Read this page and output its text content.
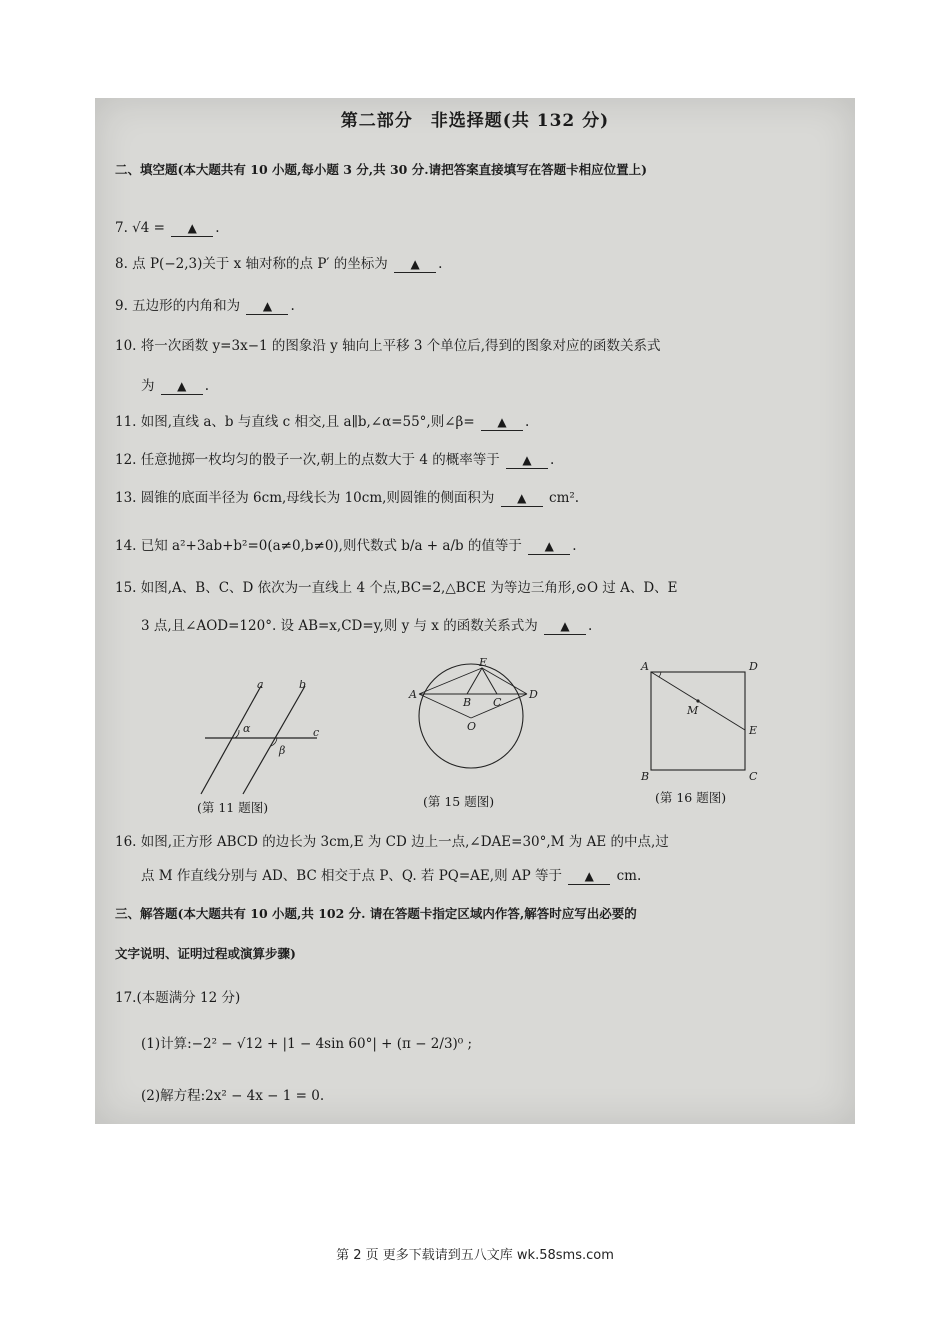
第二部分　非选择题(共 132 分)
二、填空题(本大题共有 10 小题,每小题 3 分,共 30 分.请把答案直接填写在答题卡相应位置上)
7. √4 = ▲ .
8. 点 P(−2,3)关于 x 轴对称的点 P′ 的坐标为 ▲ .
9. 五边形的内角和为 ▲ .
10. 将一次函数 y=3x−1 的图象沿 y 轴向上平移 3 个单位后,得到的图象对应的函数关系式
为 ▲ .
11. 如图,直线 a、b 与直线 c 相交,且 a∥b,∠α=55°,则∠β= ▲ .
12. 任意抛掷一枚均匀的骰子一次,朝上的点数大于 4 的概率等于 ▲ .
13. 圆锥的底面半径为 6cm,母线长为 10cm,则圆锥的侧面积为 ▲ cm².
14. 已知 a²+3ab+b²=0(a≠0,b≠0),则代数式 b/a + a/b 的值等于 ▲ .
15. 如图,A、B、C、D 依次为一直线上 4 个点,BC=2,△BCE 为等边三角形,⊙O 过 A、D、E
3 点,且∠AOD=120°. 设 AB=x,CD=y,则 y 与 x 的函数关系式为 ▲ .
a	b
c
α
β
(第 11 题图)
A
B C
D
E
O
(第 15 题图)
A	D
B	C
E
M
(第 16 题图)
16. 如图,正方形 ABCD 的边长为 3cm,E 为 CD 边上一点,∠DAE=30°,M 为 AE 的中点,过
点 M 作直线分别与 AD、BC 相交于点 P、Q. 若 PQ=AE,则 AP 等于 ▲ cm.
三、解答题(本大题共有 10 小题,共 102 分. 请在答题卡指定区域内作答,解答时应写出必要的
文字说明、证明过程或演算步骤)
17.(本题满分 12 分)
(1)计算:−2² − √12 + |1 − 4sin 60°| + (π − 2/3)⁰ ;
(2)解方程:2x² − 4x − 1 = 0.
第 2 页 更多下载请到五八文库 wk.58sms.com
